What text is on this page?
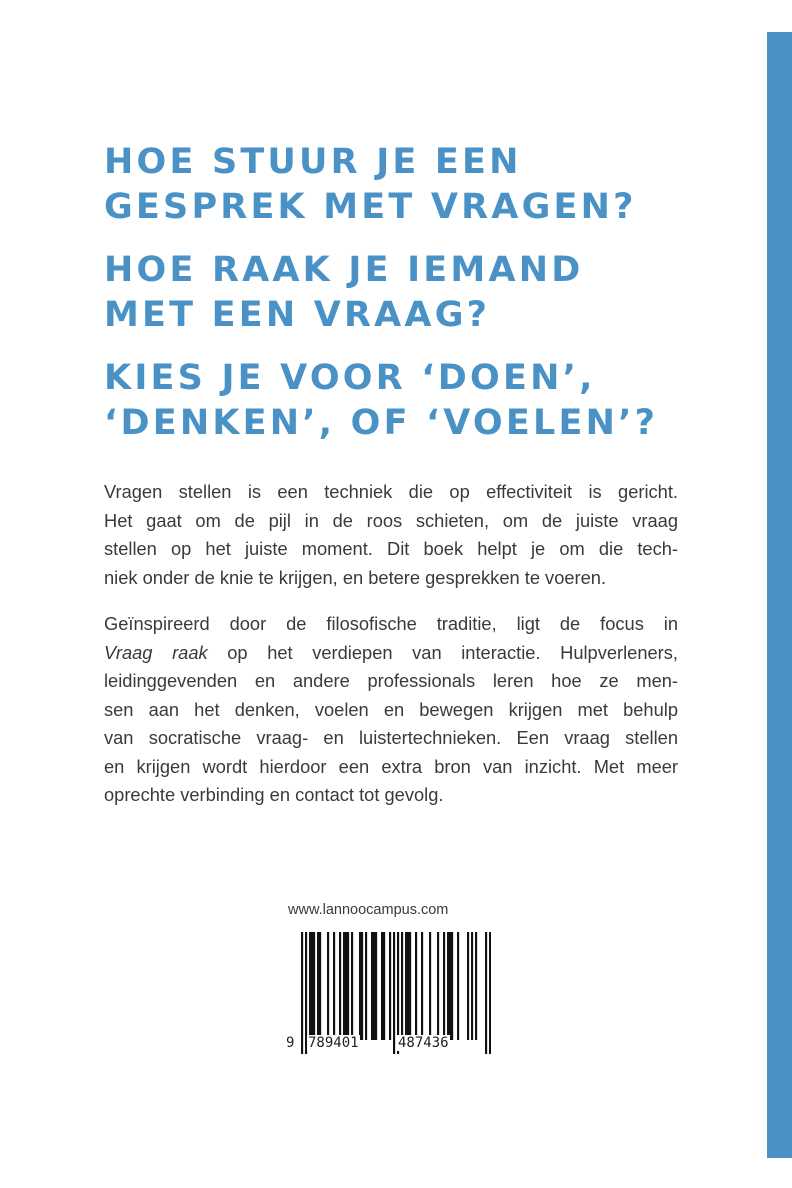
HOE STUUR JE EEN
GESPREK MET VRAGEN?
HOE RAAK JE IEMAND
MET EEN VRAAG?
KIES JE VOOR ‘DOEN’,
‘DENKEN’, OF ‘VOELEN’?
Vragen stellen is een techniek die op effectiviteit is gericht.
Het gaat om de pijl in de roos schieten, om de juiste vraag
stellen op het juiste moment. Dit boek helpt je om die tech-
niek onder de knie te krijgen, en betere gesprekken te voeren.
Geïnspireerd door de filosofische traditie, ligt de focus in
Vraag raak op het verdiepen van interactie. Hulpverleners,
leidinggevenden en andere professionals leren hoe ze men-
sen aan het denken, voelen en bewegen krijgen met behulp
van socratische vraag- en luistertechnieken. Een vraag stellen
en krijgen wordt hierdoor een extra bron van inzicht. Met meer
oprechte verbinding en contact tot gevolg.
www.lannoocampus.com
9 789401	487436
